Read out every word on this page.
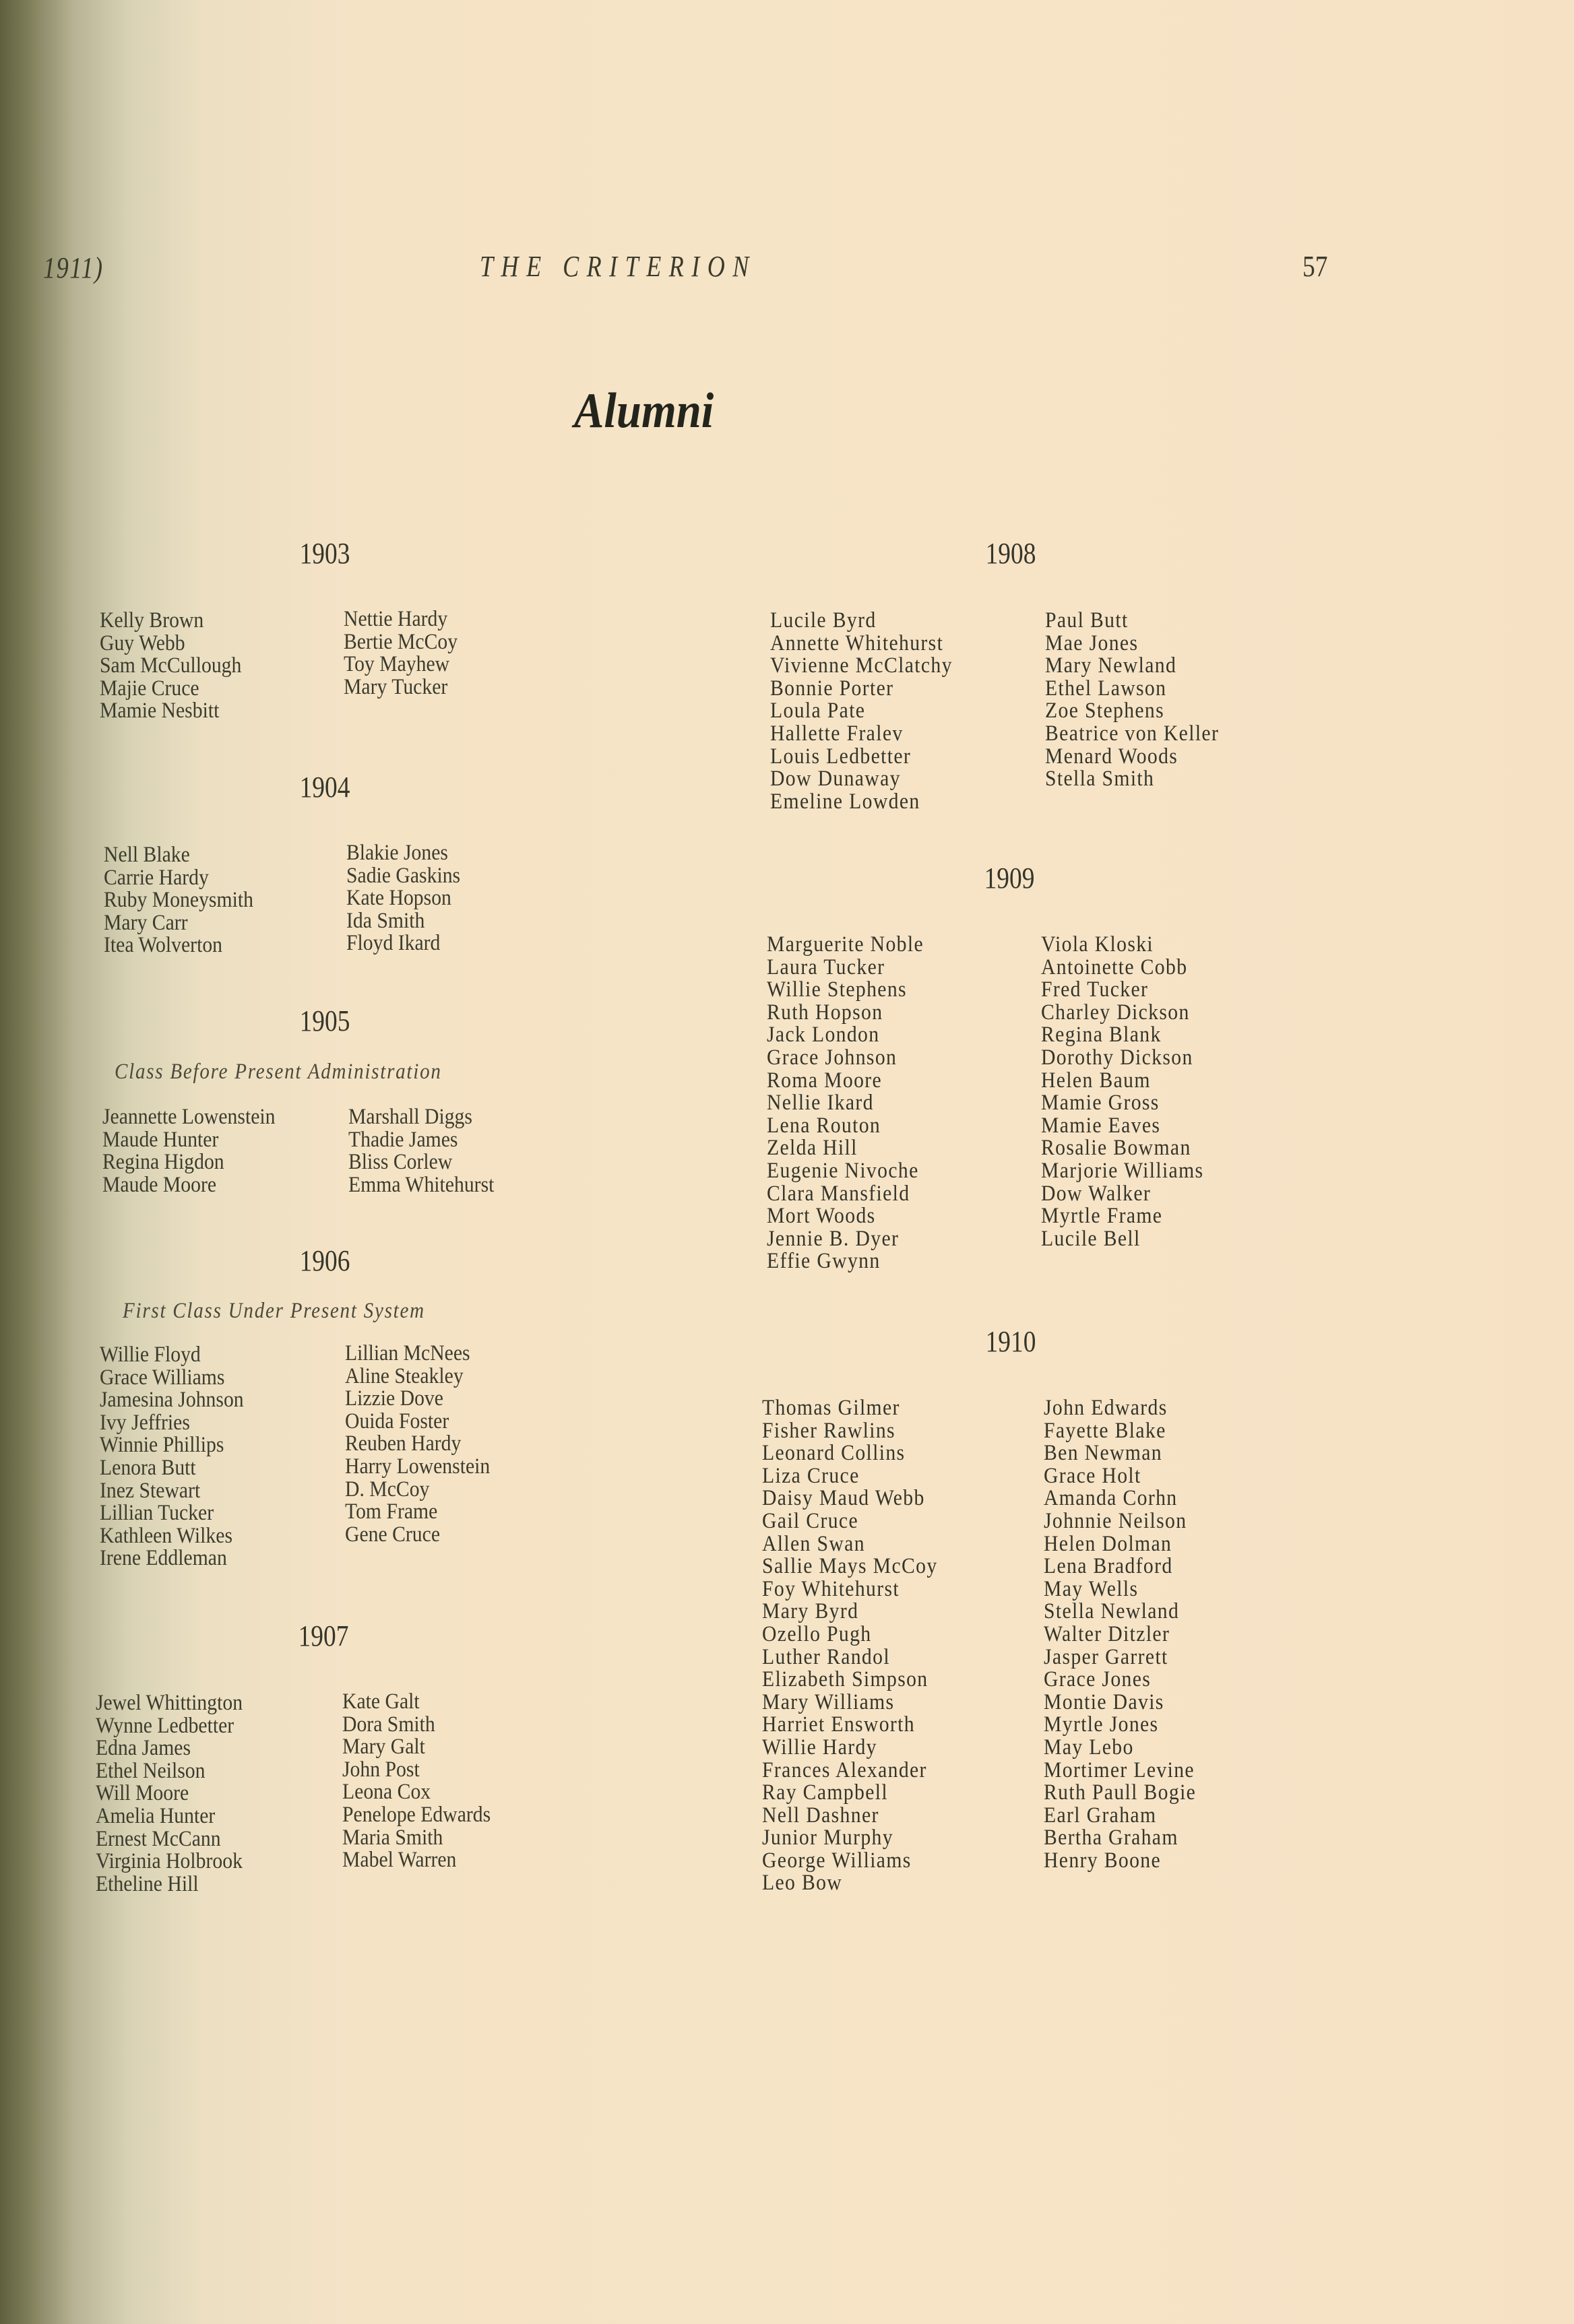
1911)	THE CRITERION	57
Alumni
1903
Kelly Brown
Guy Webb
Sam McCullough
Majie Cruce
Mamie Nesbitt
Nettie Hardy
Bertie McCoy
Toy Mayhew
Mary Tucker
1904
Nell Blake
Carrie Hardy
Ruby Moneysmith
Mary Carr
Itea Wolverton
Blakie Jones
Sadie Gaskins
Kate Hopson
Ida Smith
Floyd Ikard
1905
Class Before Present Administration
Jeannette Lowenstein
Maude Hunter
Regina Higdon
Maude Moore
Marshall Diggs
Thadie James
Bliss Corlew
Emma Whitehurst
1906
First Class Under Present System
Willie Floyd
Grace Williams
Jamesina Johnson
Ivy Jeffries
Winnie Phillips
Lenora Butt
Inez Stewart
Lillian Tucker
Kathleen Wilkes
Irene Eddleman
Lillian McNees
Aline Steakley
Lizzie Dove
Ouida Foster
Reuben Hardy
Harry Lowenstein
D. McCoy
Tom Frame
Gene Cruce
1907
Jewel Whittington
Wynne Ledbetter
Edna James
Ethel Neilson
Will Moore
Amelia Hunter
Ernest McCann
Virginia Holbrook
Etheline Hill
Kate Galt
Dora Smith
Mary Galt
John Post
Leona Cox
Penelope Edwards
Maria Smith
Mabel Warren
1908
Lucile Byrd
Annette Whitehurst
Vivienne McClatchy
Bonnie Porter
Loula Pate
Hallette Fralev
Louis Ledbetter
Dow Dunaway
Emeline Lowden
Paul Butt
Mae Jones
Mary Newland
Ethel Lawson
Zoe Stephens
Beatrice von Keller
Menard Woods
Stella Smith
1909
Marguerite Noble
Laura Tucker
Willie Stephens
Ruth Hopson
Jack London
Grace Johnson
Roma Moore
Nellie Ikard
Lena Routon
Zelda Hill
Eugenie Nivoche
Clara Mansfield
Mort Woods
Jennie B. Dyer
Effie Gwynn
Viola Kloski
Antoinette Cobb
Fred Tucker
Charley Dickson
Regina Blank
Dorothy Dickson
Helen Baum
Mamie Gross
Mamie Eaves
Rosalie Bowman
Marjorie Williams
Dow Walker
Myrtle Frame
Lucile Bell
1910
Thomas Gilmer
Fisher Rawlins
Leonard Collins
Liza Cruce
Daisy Maud Webb
Gail Cruce
Allen Swan
Sallie Mays McCoy
Foy Whitehurst
Mary Byrd
Ozello Pugh
Luther Randol
Elizabeth Simpson
Mary Williams
Harriet Ensworth
Willie Hardy
Frances Alexander
Ray Campbell
Nell Dashner
Junior Murphy
George Williams
Leo Bow
John Edwards
Fayette Blake
Ben Newman
Grace Holt
Amanda Corhn
Johnnie Neilson
Helen Dolman
Lena Bradford
May Wells
Stella Newland
Walter Ditzler
Jasper Garrett
Grace Jones
Montie Davis
Myrtle Jones
May Lebo
Mortimer Levine
Ruth Paull Bogie
Earl Graham
Bertha Graham
Henry Boone
